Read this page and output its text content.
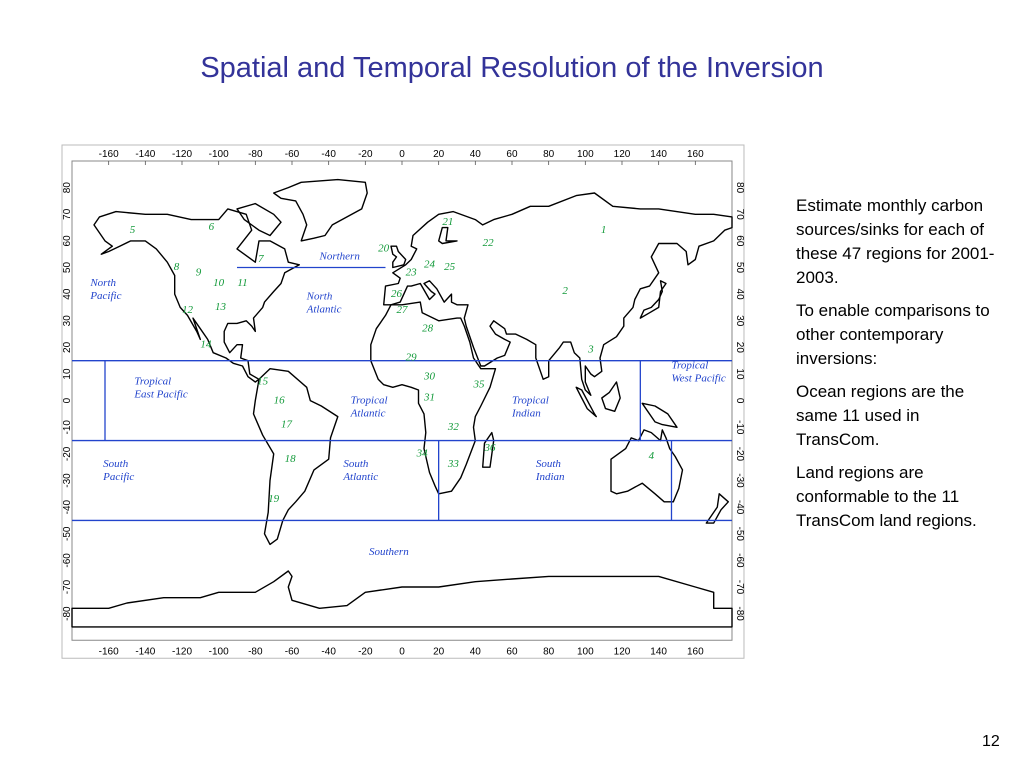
Spatial and Temporal Resolution of the Inversion
-160
-160
-140
-140
-120
-120
-100
-100
-80
-80
-60
-60
-40
-40
-20
-20
0
0
20
20
40
40
60
60
80
80
100
100
120
120
140
140
160
160
80	80
70	70
60	60
50	50
40	40
30	30
20	20
10	10
0	0
-10	-10
-20	-20
-30	-30
-40	-40
-50	-50
-60	-60
-70	-70
-80	-80
Northern
North Pacific	North Atlantic
Tropical East Pacific	Tropical Atlantic
Tropical Indian
Tropical West Pacific
South Pacific
South Atlantic
South Indian
Southern
1
2
3
4
5	6
7
8 9
10 11
12 13
14
15
16
17
18
19
20
21
22
23
24 25
26
27
28
29
30
31
32
33
34
35
36

Estimate monthly carbon sources/sinks for each of these 47 regions for 2001-2003.

To enable comparisons to other contemporary inversions:

Ocean regions are the same 11 used in TransCom.

Land regions are conformable to the 11 TransCom land regions.

12
